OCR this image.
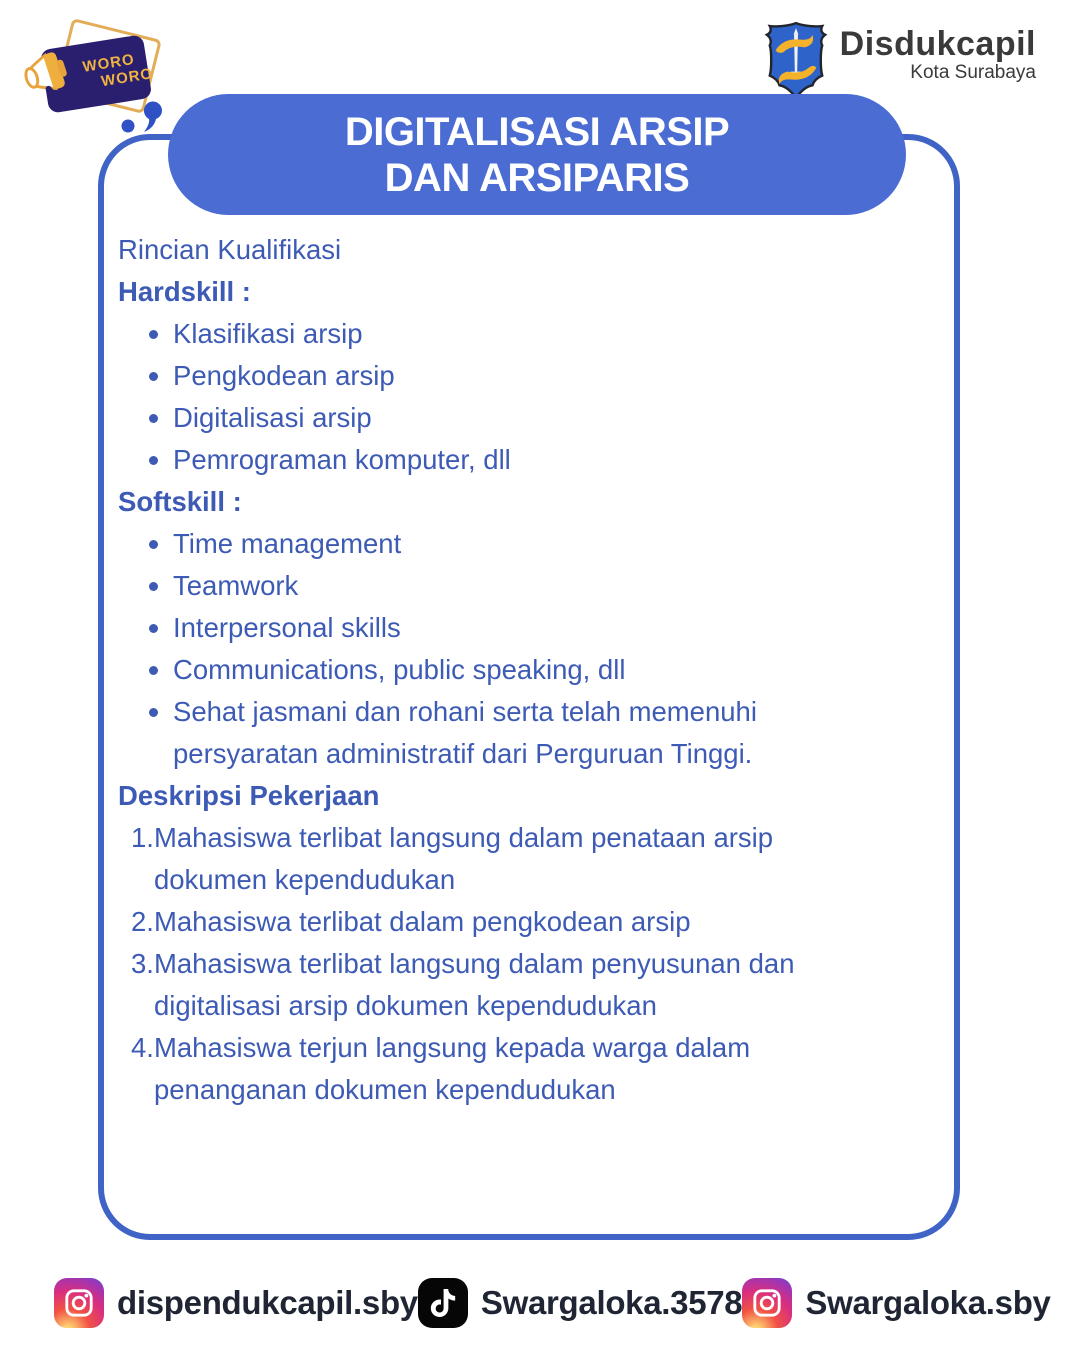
WORO
WORO
Disdukcapil
Kota Surabaya
DIGITALISASI ARSIP
DAN ARSIPARIS
Rincian Kualifikasi
Hardskill :
Klasifikasi arsip
Pengkodean arsip
Digitalisasi arsip
Pemrograman komputer, dll
Softskill :
Time management
Teamwork
Interpersonal skills
Communications, public speaking, dll
Sehat jasmani dan rohani serta telah memenuhi persyaratan administratif dari Perguruan Tinggi.
Deskripsi Pekerjaan
1. Mahasiswa terlibat langsung dalam penataan arsip dokumen kependudukan
2. Mahasiswa terlibat dalam pengkodean arsip
3. Mahasiswa terlibat langsung dalam penyusunan dan digitalisasi arsip dokumen kependudukan
4. Mahasiswa terjun langsung kepada warga dalam penanganan dokumen kependudukan
dispendukcapil.sby Swargaloka.3578 Swargaloka.sby
